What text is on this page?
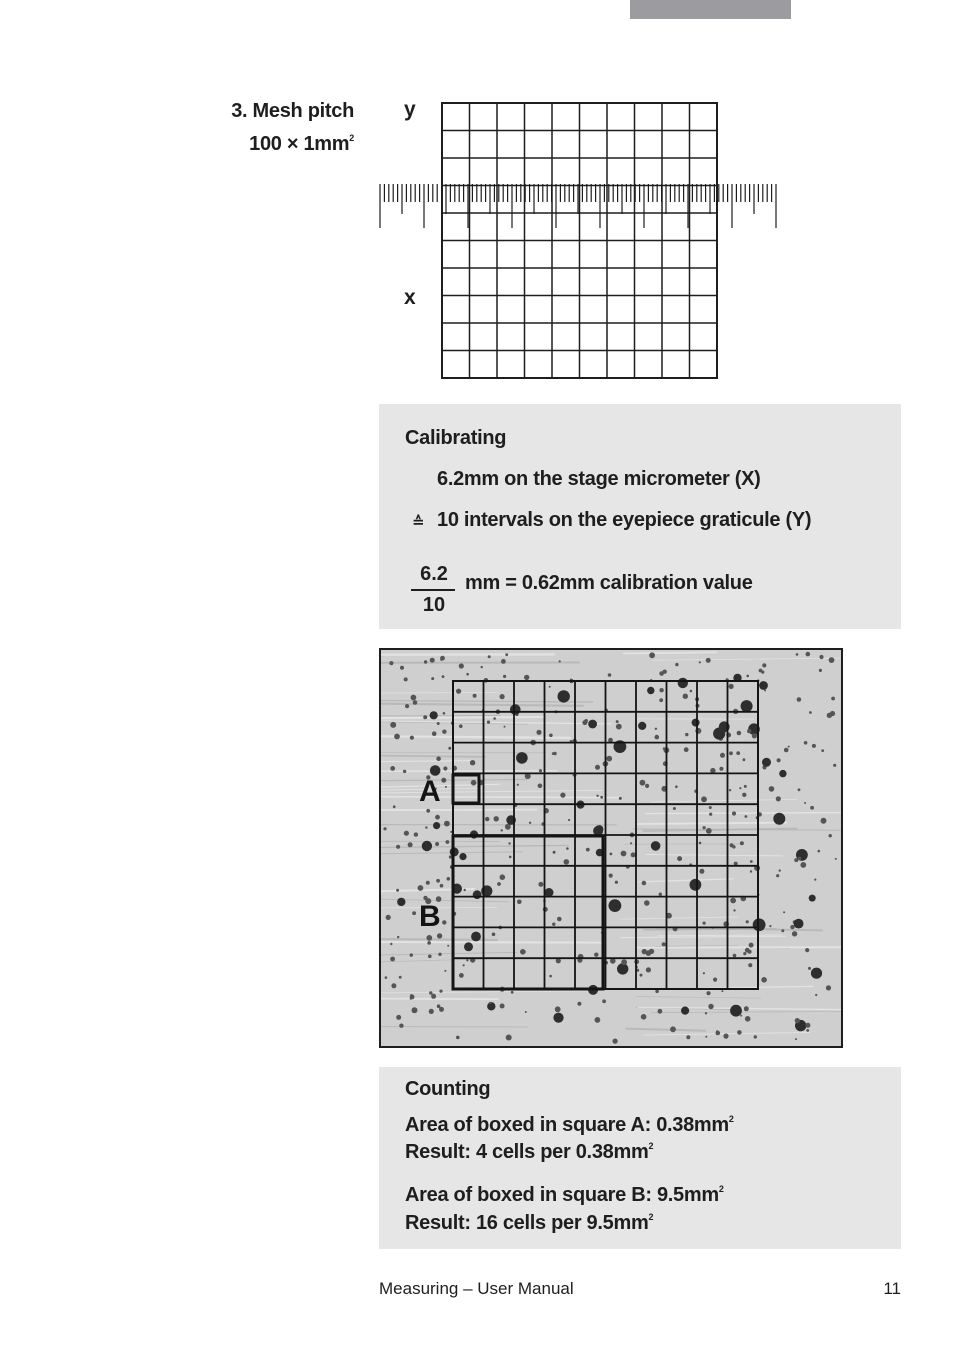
3. Mesh pitch
$100 \times 1mm^2$
y
x
Calibrating
6.2mm on the stage micrometer (X)
≙ 10 intervals on the eyepiece graticule (Y)
6.2
10
mm = 0.62mm calibration value
A
B
Counting
Area of boxed in square A: $0.38mm^2$
Result: 4 cells per $0.38mm^2$
Area of boxed in square B: $9.5mm^2$
Result: 16 cells per $9.5mm^2$
Measuring – User Manual	11
